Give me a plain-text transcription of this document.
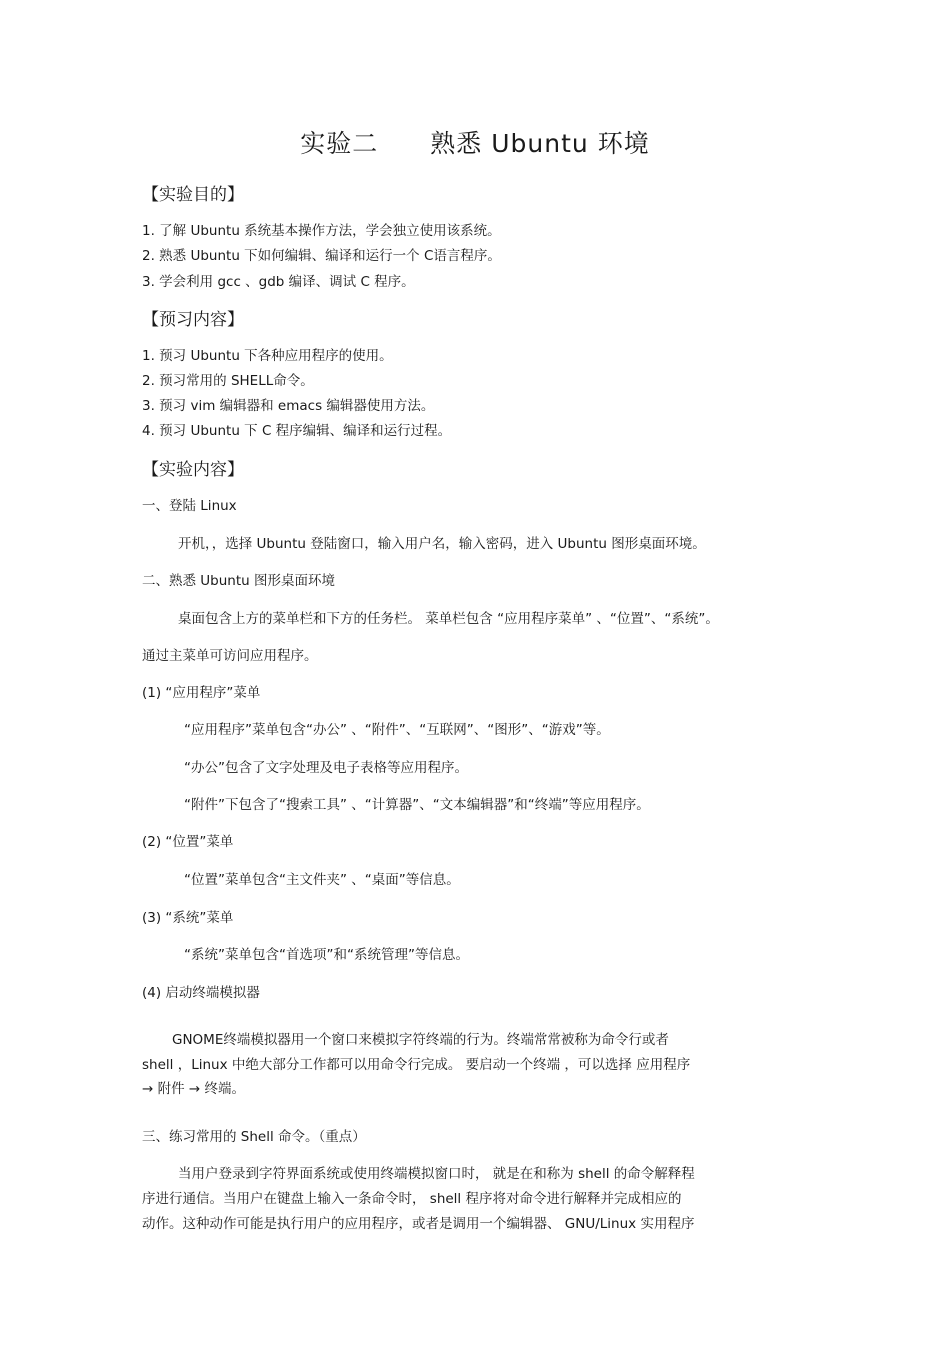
实验二　　熟悉 Ubuntu 环境
【实验目的】
1. 了解 Ubuntu 系统基本操作方法，学会独立使用该系统。
2. 熟悉 Ubuntu 下如何编辑、编译和运行一个 C语言程序。
3. 学会利用 gcc 、gdb 编译、调试 C 程序。
【预习内容】
1. 预习 Ubuntu 下各种应用程序的使用。
2. 预习常用的 SHELL命令。
3. 预习 vim 编辑器和 emacs 编辑器使用方法。
4. 预习 Ubuntu 下 C 程序编辑、编译和运行过程。
【实验内容】
一、登陆 Linux
开机，，选择 Ubuntu 登陆窗口，输入用户名，输入密码，进入 Ubuntu 图形桌面环境。
二、熟悉 Ubuntu 图形桌面环境
桌面包含上方的菜单栏和下方的任务栏。 菜单栏包含 “应用程序菜单” 、“位置”、“系统”。
通过主菜单可访问应用程序。
(1) “应用程序”菜单
“应用程序”菜单包含“办公” 、“附件”、“互联网”、“图形”、“游戏”等。
“办公”包含了文字处理及电子表格等应用程序。
“附件”下包含了“搜索工具” 、“计算器”、“文本编辑器”和“终端”等应用程序。
(2) “位置”菜单
“位置”菜单包含“主文件夹” 、“桌面”等信息。
(3) “系统”菜单
“系统”菜单包含“首选项”和“系统管理”等信息。
(4) 启动终端模拟器
GNOME终端模拟器用一个窗口来模拟字符终端的行为。终端常常被称为命令行或者
shell ，Linux 中绝大部分工作都可以用命令行完成。 要启动一个终端 ，可以选择 应用程序
→ 附件 → 终端。
三、练习常用的 Shell 命令。（重点）
当用户登录到字符界面系统或使用终端模拟窗口时， 就是在和称为 shell 的命令解释程
序进行通信。当用户在键盘上输入一条命令时， shell 程序将对命令进行解释并完成相应的
动作。这种动作可能是执行用户的应用程序，或者是调用一个编辑器、 GNU/Linux 实用程序
